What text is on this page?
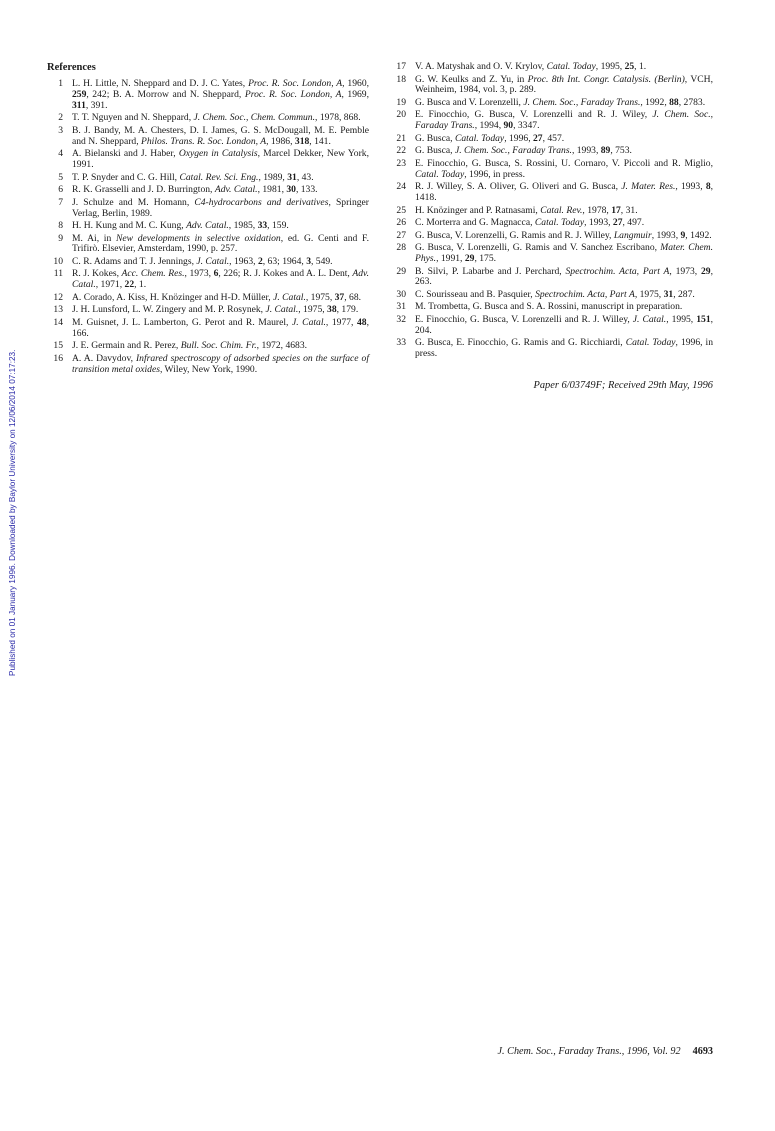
Published on 01 January 1996. Downloaded by Baylor University on 12/06/2014 07:17:23.
References
1 L. H. Little, N. Sheppard and D. J. C. Yates, Proc. R. Soc. London, A, 1960, 259, 242; B. A. Morrow and N. Sheppard, Proc. R. Soc. London, A, 1969, 311, 391.
2 T. T. Nguyen and N. Sheppard, J. Chem. Soc., Chem. Commun., 1978, 868.
3 B. J. Bandy, M. A. Chesters, D. I. James, G. S. McDougall, M. E. Pemble and N. Sheppard, Philos. Trans. R. Soc. London, A, 1986, 318, 141.
4 A. Bielanski and J. Haber, Oxygen in Catalysis, Marcel Dekker, New York, 1991.
5 T. P. Snyder and C. G. Hill, Catal. Rev. Sci. Eng., 1989, 31, 43.
6 R. K. Grasselli and J. D. Burrington, Adv. Catal., 1981, 30, 133.
7 J. Schulze and M. Homann, C4-hydrocarbons and derivatives, Springer Verlag, Berlin, 1989.
8 H. H. Kung and M. C. Kung, Adv. Catal., 1985, 33, 159.
9 M. Ai, in New developments in selective oxidation, ed. G. Centi and F. Trifirò. Elsevier, Amsterdam, 1990, p. 257.
10 C. R. Adams and T. J. Jennings, J. Catal., 1963, 2, 63; 1964, 3, 549.
11 R. J. Kokes, Acc. Chem. Res., 1973, 6, 226; R. J. Kokes and A. L. Dent, Adv. Catal., 1971, 22, 1.
12 A. Corado, A. Kiss, H. Knözinger and H-D. Müller, J. Catal., 1975, 37, 68.
13 J. H. Lunsford, L. W. Zingery and M. P. Rosynek, J. Catal., 1975, 38, 179.
14 M. Guisnet, J. L. Lamberton, G. Perot and R. Maurel, J. Catal., 1977, 48, 166.
15 J. E. Germain and R. Perez, Bull. Soc. Chim. Fr., 1972, 4683.
16 A. A. Davydov, Infrared spectroscopy of adsorbed species on the surface of transition metal oxides, Wiley, New York, 1990.
17 V. A. Matyshak and O. V. Krylov, Catal. Today, 1995, 25, 1.
18 G. W. Keulks and Z. Yu, in Proc. 8th Int. Congr. Catalysis. (Berlin), VCH, Weinheim, 1984, vol. 3, p. 289.
19 G. Busca and V. Lorenzelli, J. Chem. Soc., Faraday Trans., 1992, 88, 2783.
20 E. Finocchio, G. Busca, V. Lorenzelli and R. J. Wiley, J. Chem. Soc., Faraday Trans., 1994, 90, 3347.
21 G. Busca, Catal. Today, 1996, 27, 457.
22 G. Busca, J. Chem. Soc., Faraday Trans., 1993, 89, 753.
23 E. Finocchio, G. Busca, S. Rossini, U. Cornaro, V. Piccoli and R. Miglio, Catal. Today, 1996, in press.
24 R. J. Willey, S. A. Oliver, G. Oliveri and G. Busca, J. Mater. Res., 1993, 8, 1418.
25 H. Knözinger and P. Ratnasami, Catal. Rev., 1978, 17, 31.
26 C. Morterra and G. Magnacca, Catal. Today, 1993, 27, 497.
27 G. Busca, V. Lorenzelli, G. Ramis and R. J. Willey, Langmuir, 1993, 9, 1492.
28 G. Busca, V. Lorenzelli, G. Ramis and V. Sanchez Escribano, Mater. Chem. Phys., 1991, 29, 175.
29 B. Silvi, P. Labarbe and J. Perchard, Spectrochim. Acta, Part A, 1973, 29, 263.
30 C. Sourisseau and B. Pasquier, Spectrochim. Acta, Part A, 1975, 31, 287.
31 M. Trombetta, G. Busca and S. A. Rossini, manuscript in preparation.
32 E. Finocchio, G. Busca, V. Lorenzelli and R. J. Willey, J. Catal., 1995, 151, 204.
33 G. Busca, E. Finocchio, G. Ramis and G. Ricchiardi, Catal. Today, 1996, in press.
Paper 6/03749F; Received 29th May, 1996
J. Chem. Soc., Faraday Trans., 1996, Vol. 92 4693
